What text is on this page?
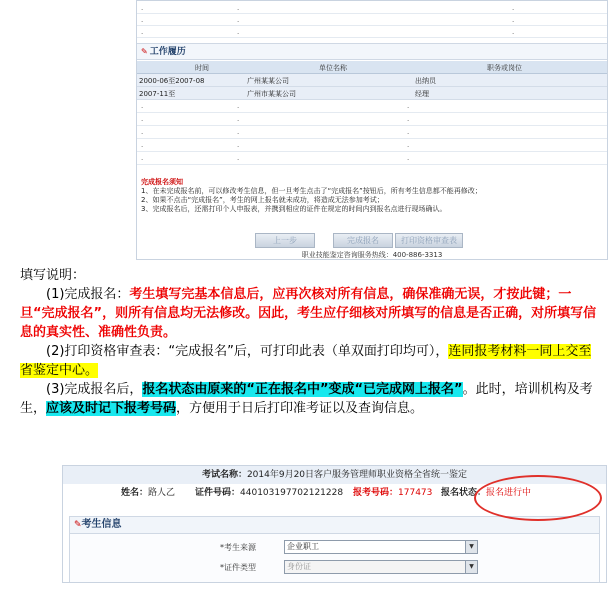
.	.	.
.	.	.
.	.	.
✎ 工作履历
时间	单位名称	职务或岗位
2000-06至2007-08	广州某某公司	出纳员
2007-11至	广州市某某公司	经理
.	.	.
.	.	.
.	.	.
.	.	.
.	.	.
完成报名须知
1、在未完成报名前，可以修改考生信息，但一旦考生点击了“完成报名”按钮后，所有考生信息都不能再修改；
2、如果不点击“完成报名”，考生的网上报名就未成功，将造成无法参加考试；
3、完成报名后，还需打印个人申报表，并携到相应的证件在规定的时间内到报名点进行现场确认。
上一步	完成报名	打印资格审查表
职业技能鉴定咨询服务热线：400-886-3313

填写说明：

(1)完成报名：考生填写完基本信息后，应再次核对所有信息，确保准确无误，才按此键；一旦“完成报名”，则所有信息均无法修改。因此，考生应仔细核对所填写的信息是否正确，对所填写信息的真实性、准确性负责。

(2)打印资格审查表：“完成报名”后，可打印此表（单双面打印均可），连同报考材料一同上交至省鉴定中心。

(3)完成报名后，报名状态由原来的“正在报名中”变成“已完成网上报名”。此时，培训机构及考生，应该及时记下报考号码，方便用于日后打印准考证以及查询信息。

考试名称：2014年9月20日客户服务管理师职业资格全省统一鉴定
姓名：路人乙 证件号码：440103197702121228 报考号码：177473 报名状态：报名进行中
✎考生信息
*考生来源	企业职工	▼
*证件类型	身份证	▼
